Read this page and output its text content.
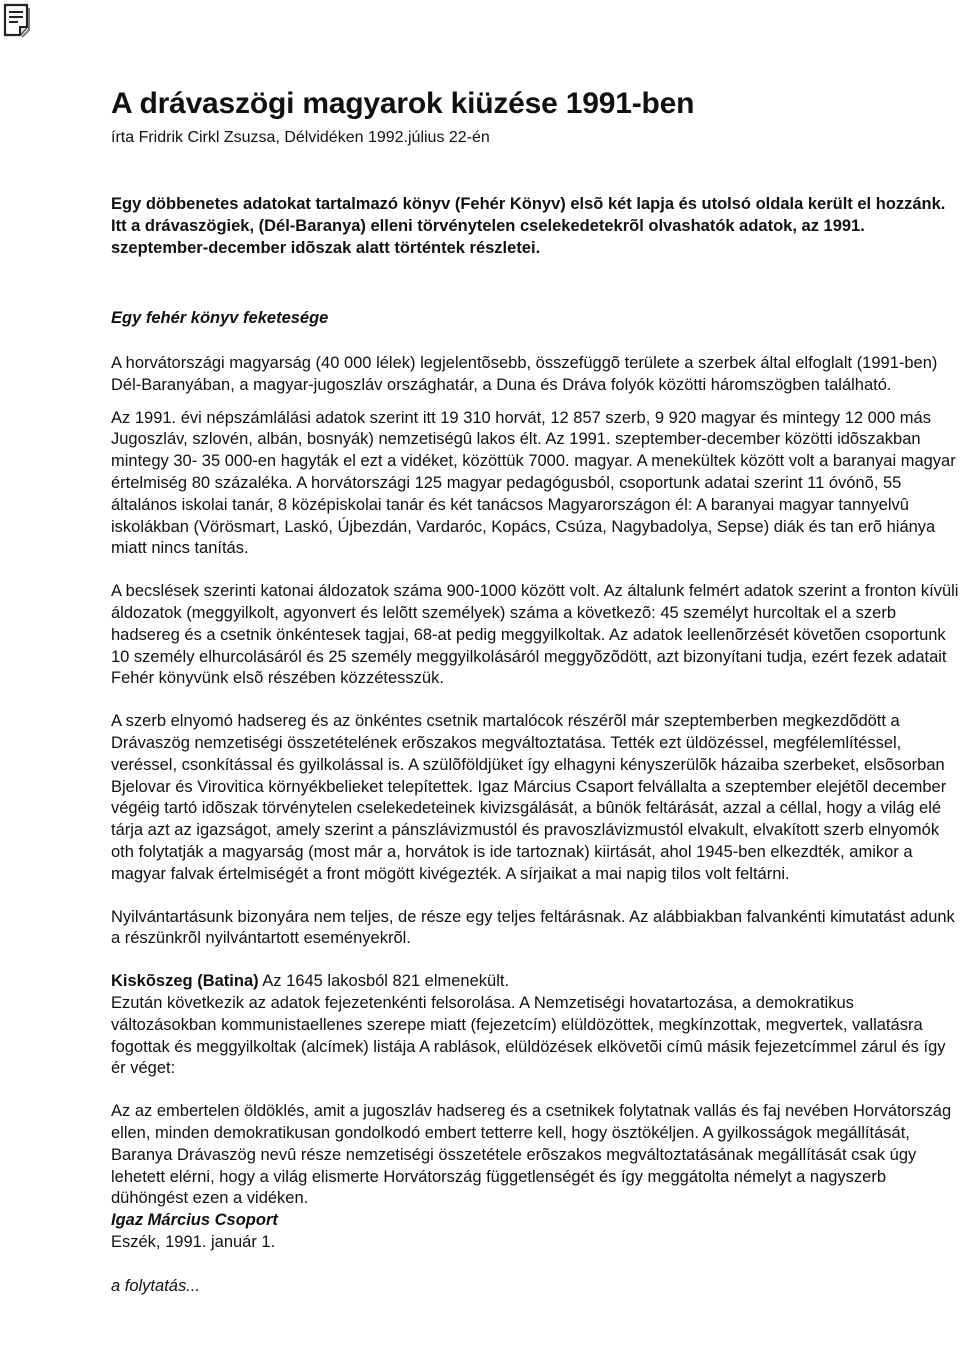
A drávaszögi magyarok kiüzése 1991-ben

írta Fridrik Cirkl Zsuzsa, Délvidéken 1992.július 22-én

Egy döbbenetes adatokat tartalmazó könyv (Fehér Könyv) elsõ két lapja és utolsó oldala került el hozzánk. Itt a drávaszögiek, (Dél-Baranya) elleni törvénytelen cselekedetekrõl olvashatók adatok, az 1991. szeptember-december idõszak alatt történtek részletei.

Egy fehér könyv feketesége

A horvátországi magyarság (40 000 lélek) legjelentõsebb, összefüggõ területe a szerbek által elfoglalt (1991-ben) Dél-Baranyában, a magyar-jugoszláv országhatár, a Duna és Dráva folyók közötti háromszögben található.

Az 1991. évi népszámlálási adatok szerint itt 19 310 horvát, 12 857 szerb, 9 920 magyar és mintegy 12 000 más Jugoszláv, szlovén, albán, bosnyák) nemzetiségû lakos élt. Az 1991. szeptember-december közötti idõszakban mintegy 30- 35 000-en hagyták el ezt a vidéket, közöttük 7000. magyar. A menekültek között volt a baranyai magyar értelmiség 80 százaléka. A horvátországi 125 magyar pedagógusból, csoportunk adatai szerint 11 óvónõ, 55 általános iskolai tanár, 8 középiskolai tanár és két tanácsos Magyarországon él: A baranyai magyar tannyelvû iskolákban (Vörösmart, Laskó, Újbezdán, Vardaróc, Kopács, Csúza, Nagybadolya, Sepse) diák és tan erõ hiánya miatt nincs tanítás.

A becslések szerinti katonai áldozatok száma 900-1000 között volt. Az általunk felmért adatok szerint a fronton kívüli áldozatok (meggyilkolt, agyonvert és lelõtt személyek) száma a következõ: 45 személyt hurcoltak el a szerb hadsereg és a csetnik önkéntesek tagjai, 68-at pedig meggyilkoltak. Az adatok leellenõrzését követõen csoportunk 10 személy elhurcolásáról és 25 személy meggyilkolásáról meggyõzõdött, azt bizonyítani tudja, ezért fezek adatait Fehér könyvünk elsõ részében közzétesszük.

A szerb elnyomó hadsereg és az önkéntes csetnik martalócok részérõl már szeptemberben megkezdõdött a Drávaszög nemzetiségi összetételének erõszakos megváltoztatása. Tették ezt üldözéssel, megfélemlítéssel, veréssel, csonkítással és gyilkolással is. A szülõföldjüket így elhagyni kényszerülõk házaiba szerbeket, elsõsorban Bjelovar és Virovitica környékbelieket telepítettek. Igaz Március Csaport felvállalta a szeptember elejétõl december végéig tartó idõszak törvénytelen cselekedeteinek kivizsgálását, a bûnök feltárását, azzal a céllal, hogy a világ elé tárja azt az igazságot, amely szerint a pánszlávizmustól és pravoszlávizmustól elvakult, elvakított szerb elnyomók oth folytatják a magyarság (most már a, horvátok is ide tartoznak) kiirtását, ahol 1945-ben elkezdték, amikor a magyar falvak értelmiségét a front mögött kivégezték. A sírjaikat a mai napig tilos volt feltárni.

Nyilvántartásunk bizonyára nem teljes, de része egy teljes feltárásnak. Az alábbiakban falvankénti kimutatást adunk a részünkrõl nyilvántartott eseményekrõl.

Kiskõszeg (Batina) Az 1645 lakosból 821 elmenekült.

Ezután következik az adatok fejezetenkénti felsorolása. A Nemzetiségi hovatartozása, a demokratikus változásokban kommunistaellenes szerepe miatt (fejezetcím) elüldözöttek, megkínzottak, megvertek, vallatásra fogottak és meggyilkoltak (alcímek) listája A rablások, elüldözések elkövetõi címû másik fejezetcímmel zárul és így ér véget:

Az az embertelen öldöklés, amit a jugoszláv hadsereg és a csetnikek folytatnak vallás és faj nevében Horvátország ellen, minden demokratikusan gondolkodó embert tetterre kell, hogy ösztökéljen. A gyilkosságok megállítását, Baranya Drávaszög nevû része nemzetiségi összetétele erõszakos megváltoztatásának megállítását csak úgy lehetett elérni, hogy a világ elismerte Horvátország függetlenségét és így meggátolta némelyt a nagyszerb dühöngést ezen a vidéken.

Igaz Március Csoport

Eszék, 1991. január 1.

a folytatás...
